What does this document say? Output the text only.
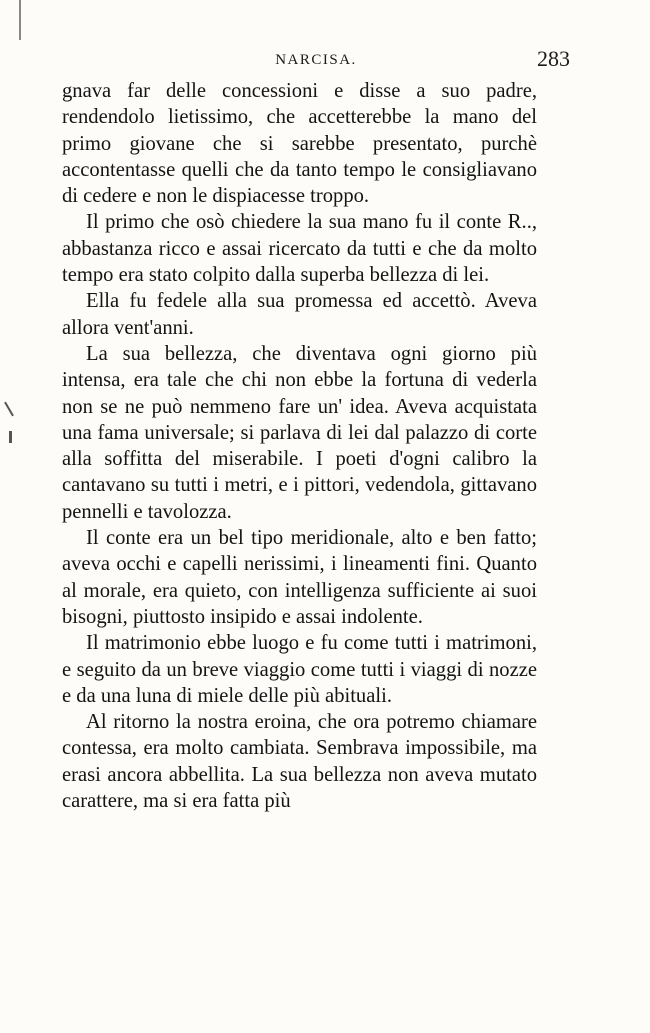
NARCISA.	283

gnava far delle concessioni e disse a suo padre, rendendolo lietissimo, che accetterebbe la mano del primo giovane che si sarebbe presentato, purchè accontentasse quelli che da tanto tempo le consigliavano di cedere e non le dispiacesse troppo.

Il primo che osò chiedere la sua mano fu il conte R.., abbastanza ricco e assai ricercato da tutti e che da molto tempo era stato colpito dalla superba bellezza di lei.

Ella fu fedele alla sua promessa ed accettò. Aveva allora vent'anni.

La sua bellezza, che diventava ogni giorno più intensa, era tale che chi non ebbe la fortuna di vederla non se ne può nemmeno fare un' idea. Aveva acquistata una fama universale; si parlava di lei dal palazzo di corte alla soffitta del miserabile. I poeti d'ogni calibro la cantavano su tutti i metri, e i pittori, vedendola, gittavano pennelli e tavolozza.

Il conte era un bel tipo meridionale, alto e ben fatto; aveva occhi e capelli nerissimi, i lineamenti fini. Quanto al morale, era quieto, con intelligenza sufficiente ai suoi bisogni, piuttosto insipido e assai indolente.

Il matrimonio ebbe luogo e fu come tutti i matrimoni, e seguito da un breve viaggio come tutti i viaggi di nozze e da una luna di miele delle più abituali.

Al ritorno la nostra eroina, che ora potremo chiamare contessa, era molto cambiata. Sembrava impossibile, ma erasi ancora abbellita. La sua bellezza non aveva mutato carattere, ma si era fatta più
